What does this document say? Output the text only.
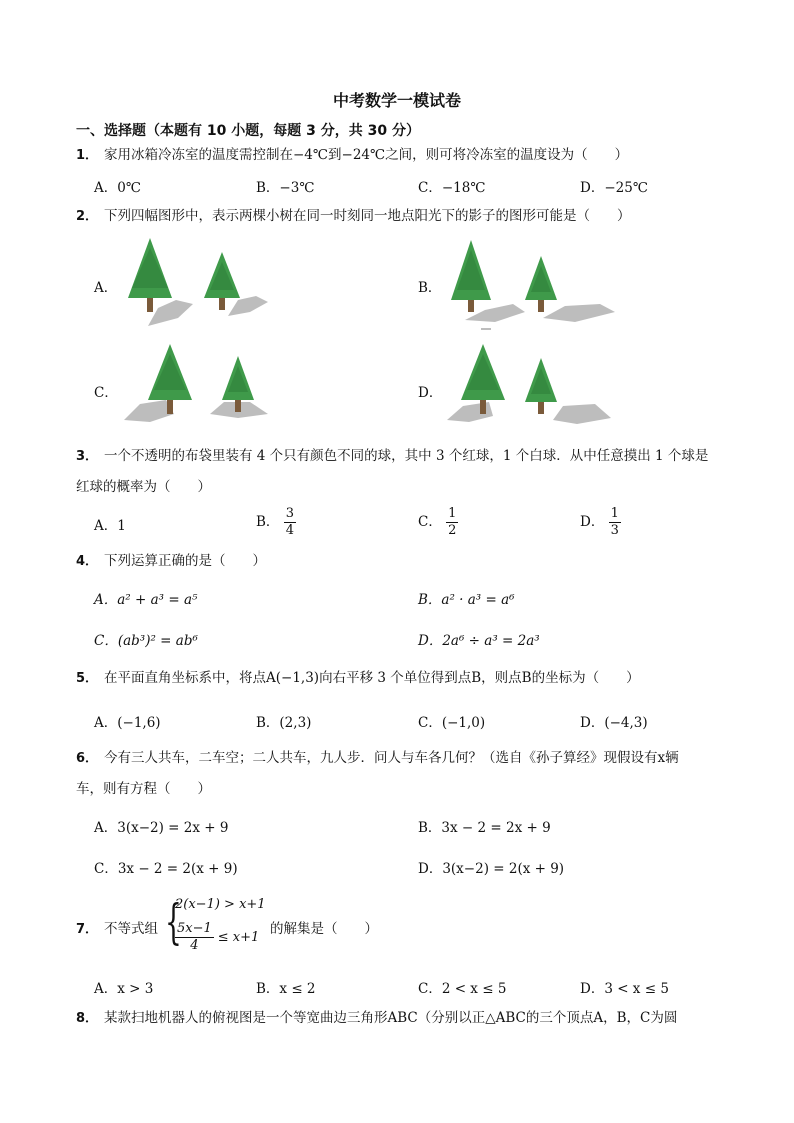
中考数学一模试卷
一、选择题（本题有 10 小题，每题 3 分，共 30 分）
1． 家用冰箱冷冻室的温度需控制在−4℃到−24℃之间，则可将冷冻室的温度设为（　　）
A．0℃	B．−3℃	C．−18℃	D．−25℃
2． 下列四幅图形中，表示两棵小树在同一时刻同一地点阳光下的影子的图形可能是（　　）
A．	B．
C．	D．
3． 一个不透明的布袋里装有 4 个只有颜色不同的球，其中 3 个红球，1 个白球．从中任意摸出 1 个球是
红球的概率为（　　）
A．1	B． $\frac{3}{4}$	C． $\frac{1}{2}$	D． $\frac{1}{3}$
4． 下列运算正确的是（　　）
A．a² + a³ = a⁵	B．a² · a³ = a⁶
C．(ab³)² = ab⁶	D．2a⁶ ÷ a³ = 2a³
5． 在平面直角坐标系中，将点A(−1,3)向右平移 3 个单位得到点B，则点B的坐标为（　　）
A．(−1,6)	B．(2,3)	C．(−1,0)	D．(−4,3)
6． 今有三人共车，二车空；二人共车，九人步．问人与车各几何？（选自《孙子算经》现假设有x辆
车，则有方程（　　）
A．3(x−2) = 2x + 9	B．3x − 2 = 2x + 9
C．3x − 2 = 2(x + 9)	D．3(x−2) = 2(x + 9)
7． 不等式组 {
2(x−1) > x+1
$\frac{5x-1}{4} \le x+1$
的解集是（　　）
A．x > 3	B．x ≤ 2	C．2 < x ≤ 5	D．3 < x ≤ 5
8． 某款扫地机器人的俯视图是一个等宽曲边三角形ABC（分别以正△ABC的三个顶点A，B，C为圆
